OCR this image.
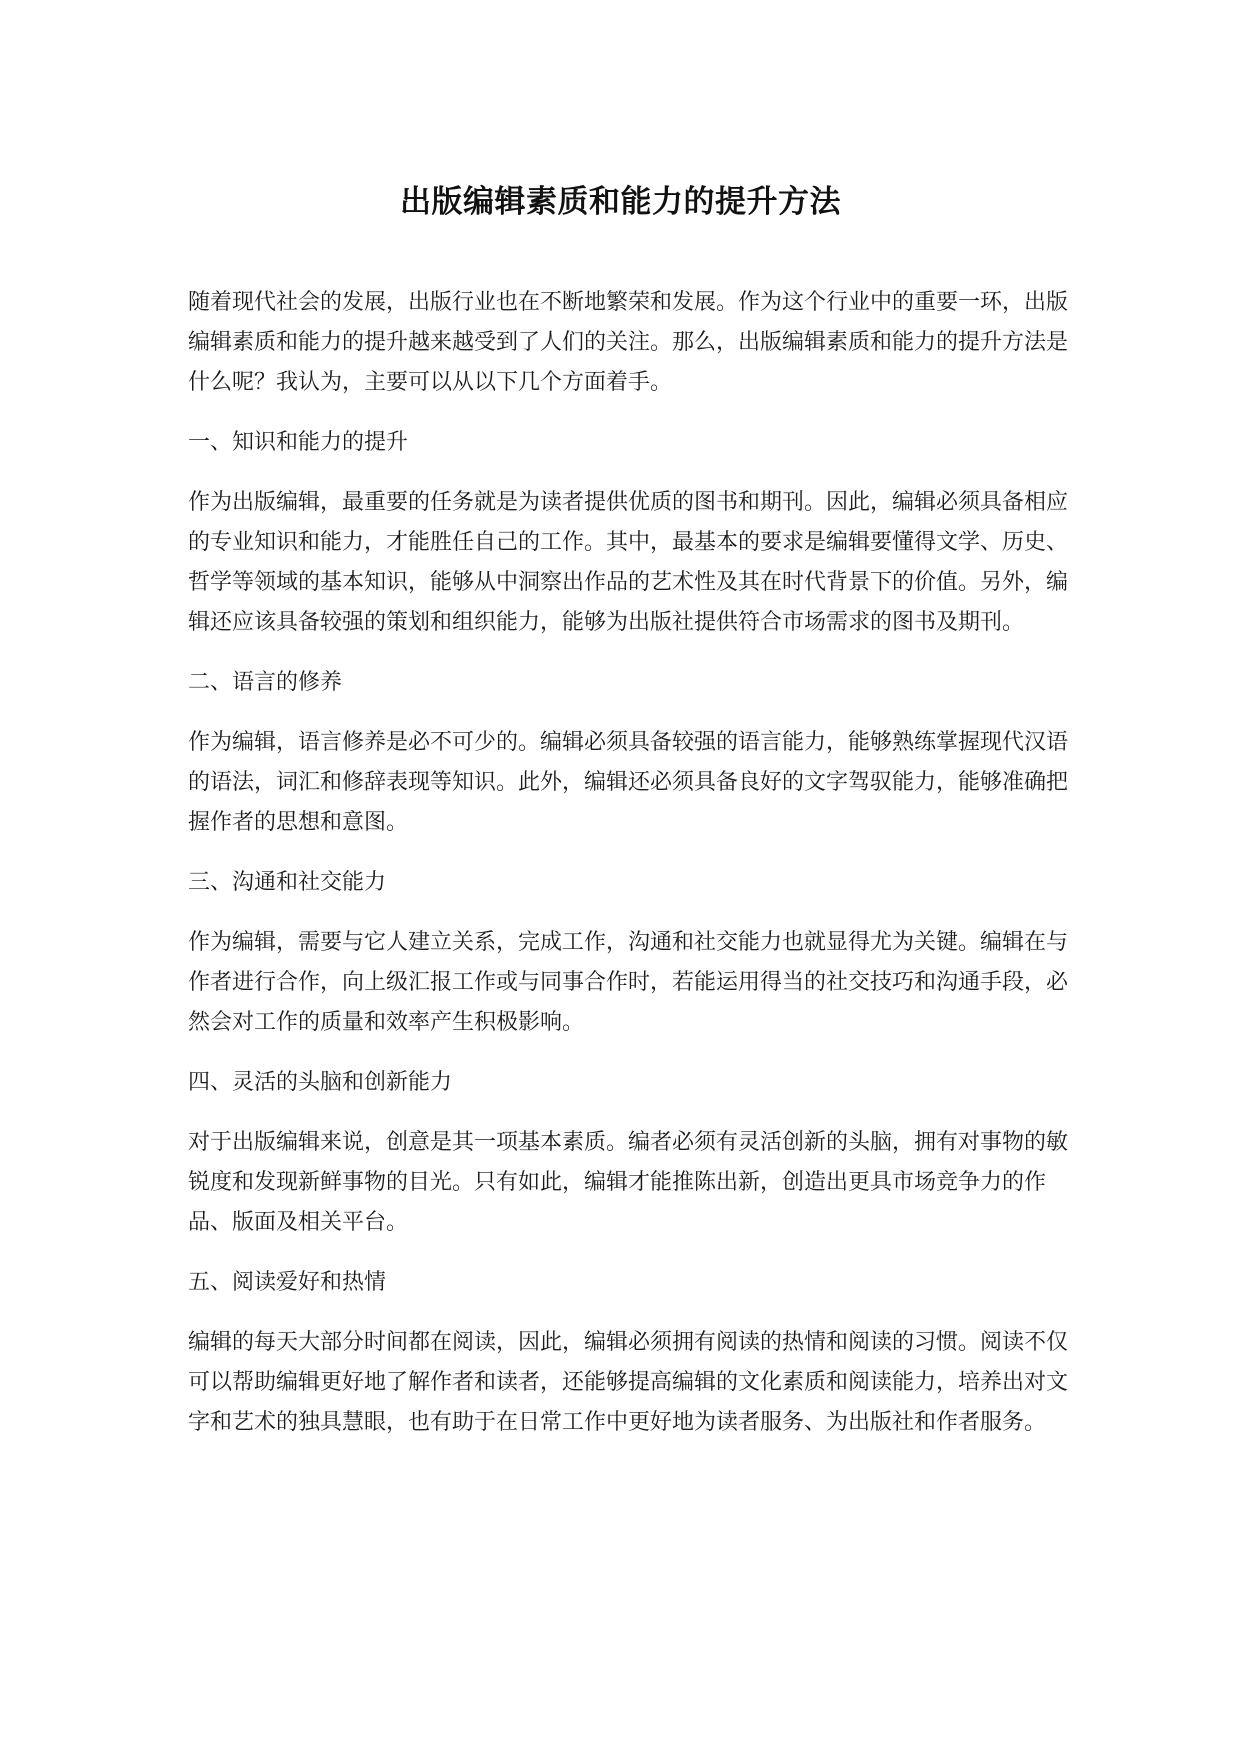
出版编辑素质和能力的提升方法

随着现代社会的发展，出版行业也在不断地繁荣和发展。作为这个行业中的重要一环，出版编辑素质和能力的提升越来越受到了人们的关注。那么，出版编辑素质和能力的提升方法是什么呢？我认为，主要可以从以下几个方面着手。

一、知识和能力的提升

作为出版编辑，最重要的任务就是为读者提供优质的图书和期刊。因此，编辑必须具备相应的专业知识和能力，才能胜任自己的工作。其中，最基本的要求是编辑要懂得文学、历史、哲学等领域的基本知识，能够从中洞察出作品的艺术性及其在时代背景下的价值。另外，编辑还应该具备较强的策划和组织能力，能够为出版社提供符合市场需求的图书及期刊。

二、语言的修养

作为编辑，语言修养是必不可少的。编辑必须具备较强的语言能力，能够熟练掌握现代汉语的语法，词汇和修辞表现等知识。此外，编辑还必须具备良好的文字驾驭能力，能够准确把握作者的思想和意图。

三、沟通和社交能力

作为编辑，需要与它人建立关系，完成工作，沟通和社交能力也就显得尤为关键。编辑在与作者进行合作，向上级汇报工作或与同事合作时，若能运用得当的社交技巧和沟通手段，必然会对工作的质量和效率产生积极影响。

四、灵活的头脑和创新能力

对于出版编辑来说，创意是其一项基本素质。编者必须有灵活创新的头脑，拥有对事物的敏锐度和发现新鲜事物的目光。只有如此，编辑才能推陈出新，创造出更具市场竞争力的作品、版面及相关平台。

五、阅读爱好和热情

编辑的每天大部分时间都在阅读，因此，编辑必须拥有阅读的热情和阅读的习惯。阅读不仅可以帮助编辑更好地了解作者和读者，还能够提高编辑的文化素质和阅读能力，培养出对文字和艺术的独具慧眼，也有助于在日常工作中更好地为读者服务、为出版社和作者服务。
